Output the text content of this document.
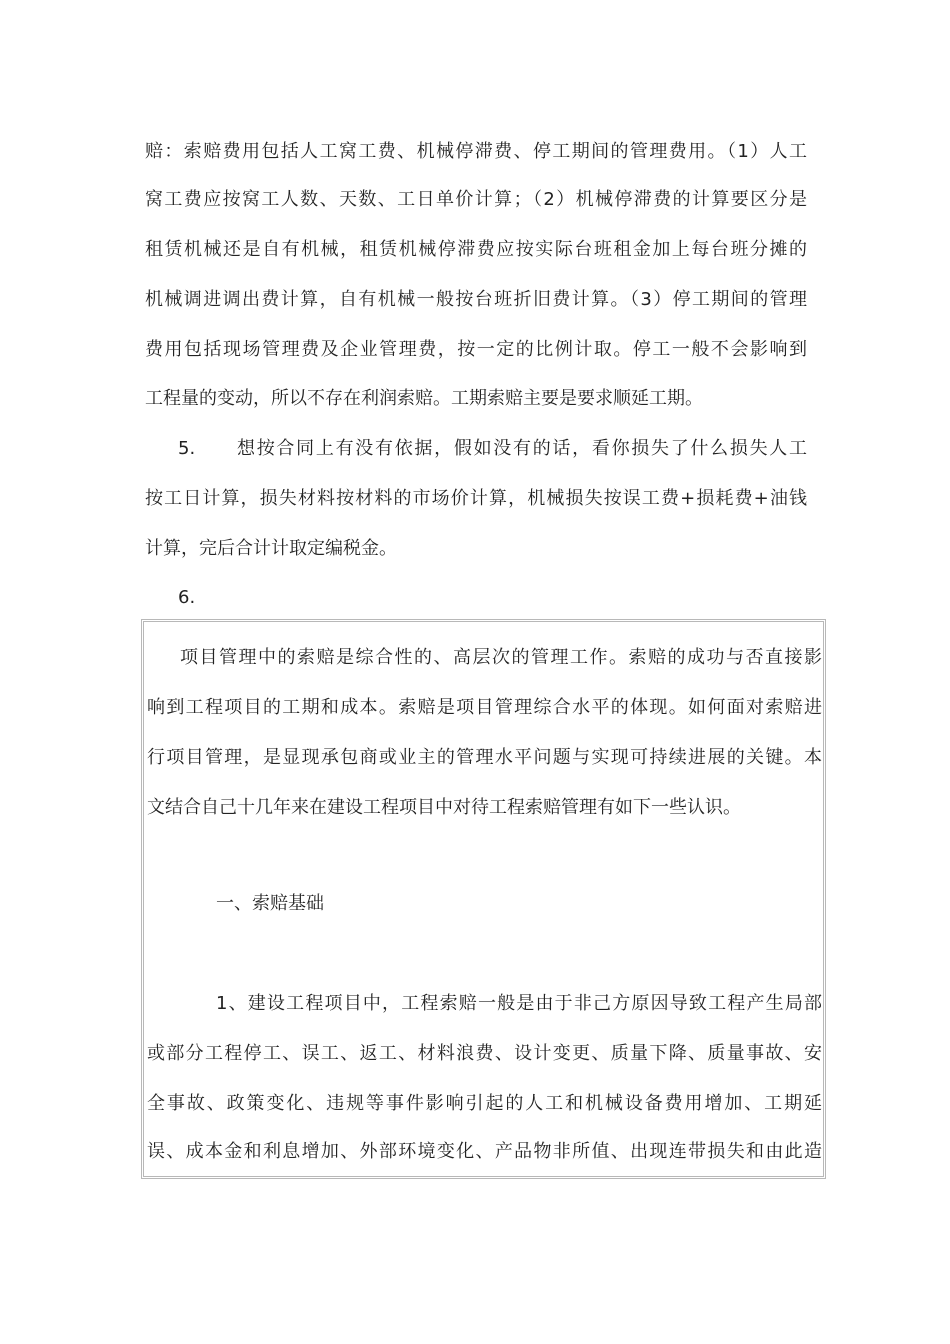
赔：索赔费用包括人工窝工费、机械停滞费、停工期间的管理费用。（1）人工
窝工费应按窝工人数、天数、工日单价计算；（2）机械停滞费的计算要区分是
租赁机械还是自有机械，租赁机械停滞费应按实际台班租金加上每台班分摊的
机械调进调出费计算，自有机械一般按台班折旧费计算。（3）停工期间的管理
费用包括现场管理费及企业管理费，按一定的比例计取。停工一般不会影响到
工程量的变动，所以不存在利润索赔。工期索赔主要是要求顺延工期。
5. 想按合同上有没有依据，假如没有的话，看你损失了什么损失人工
按工日计算，损失材料按材料的市场价计算，机械损失按误工费+损耗费+油钱
计算，完后合计计取定编税金。
6.
项目管理中的索赔是综合性的、高层次的管理工作。索赔的成功与否直接影
响到工程项目的工期和成本。索赔是项目管理综合水平的体现。如何面对索赔进
行项目管理，是显现承包商或业主的管理水平问题与实现可持续进展的关键。本
文结合自己十几年来在建设工程项目中对待工程索赔管理有如下一些认识。
一、索赔基础
1、建设工程项目中，工程索赔一般是由于非己方原因导致工程产生局部
或部分工程停工、误工、返工、材料浪费、设计变更、质量下降、质量事故、安
全事故、政策变化、违规等事件影响引起的人工和机械设备费用增加、工期延
误、成本金和利息增加、外部环境变化、产品物非所值、出现连带损失和由此造
